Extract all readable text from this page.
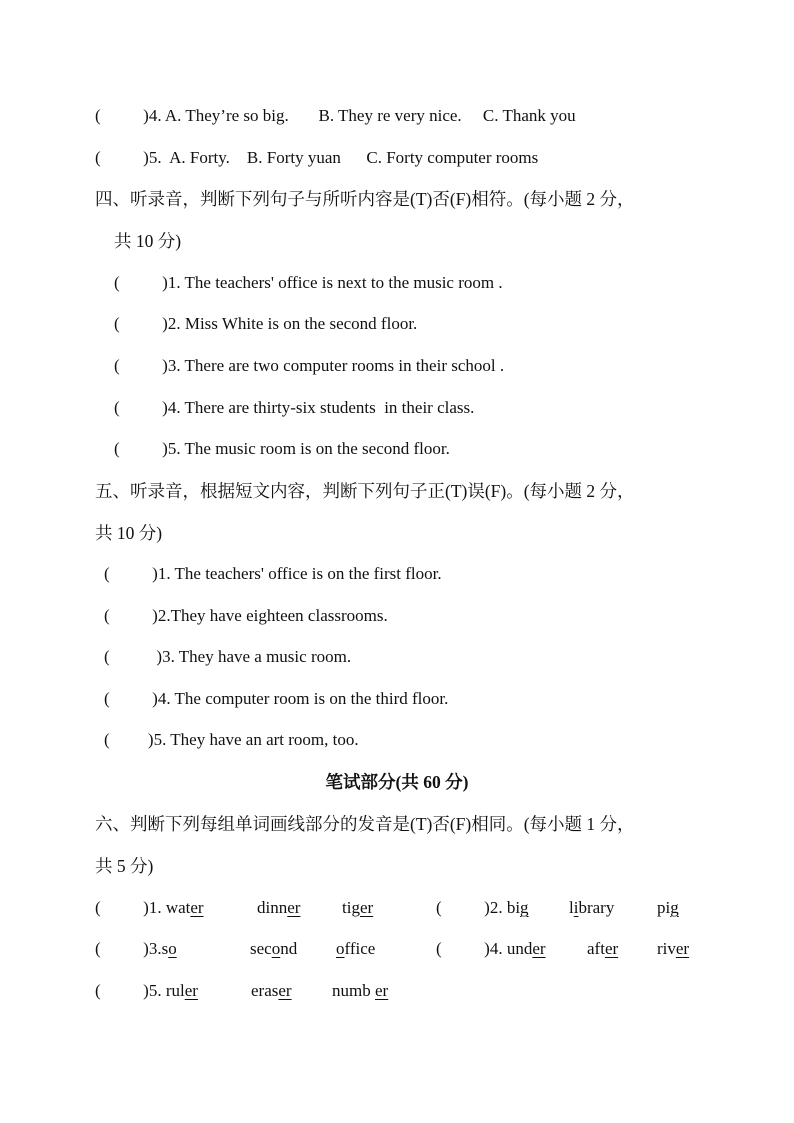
(          )4. A. They’re so big.       B. They re very nice.     C. Thank you
(          )5.  A. Forty.    B. Forty yuan      C. Forty computer rooms
四、听录音，判断下列句子与所听内容是(T)否(F)相符。(每小题 2 分，
共 10 分)
(          )1. The teachers' office is next to the music room .
(          )2. Miss White is on the second floor.
(          )3. There are two computer rooms in their school .
(          )4. There are thirty-six students  in their class.
(          )5. The music room is on the second floor.
五、听录音，根据短文内容，判断下列句子正(T)误(F)。(每小题 2 分，
共 10 分)
(          )1. The teachers' office is on the first floor.
(          )2.They have eighteen classrooms.
(           )3. They have a music room.
(          )4. The computer room is on the third floor.
(         )5. They have an art room, too.
笔试部分(共 60 分)
六、判断下列每组单词画线部分的发音是(T)否(F)相同。(每小题 1 分，
共 5 分)
(          )1. water	dinner tiger	(          )2. big library	pig
(          )3.so	second office	(          )4. under after river
(          )5. ruler	eraser numb er
